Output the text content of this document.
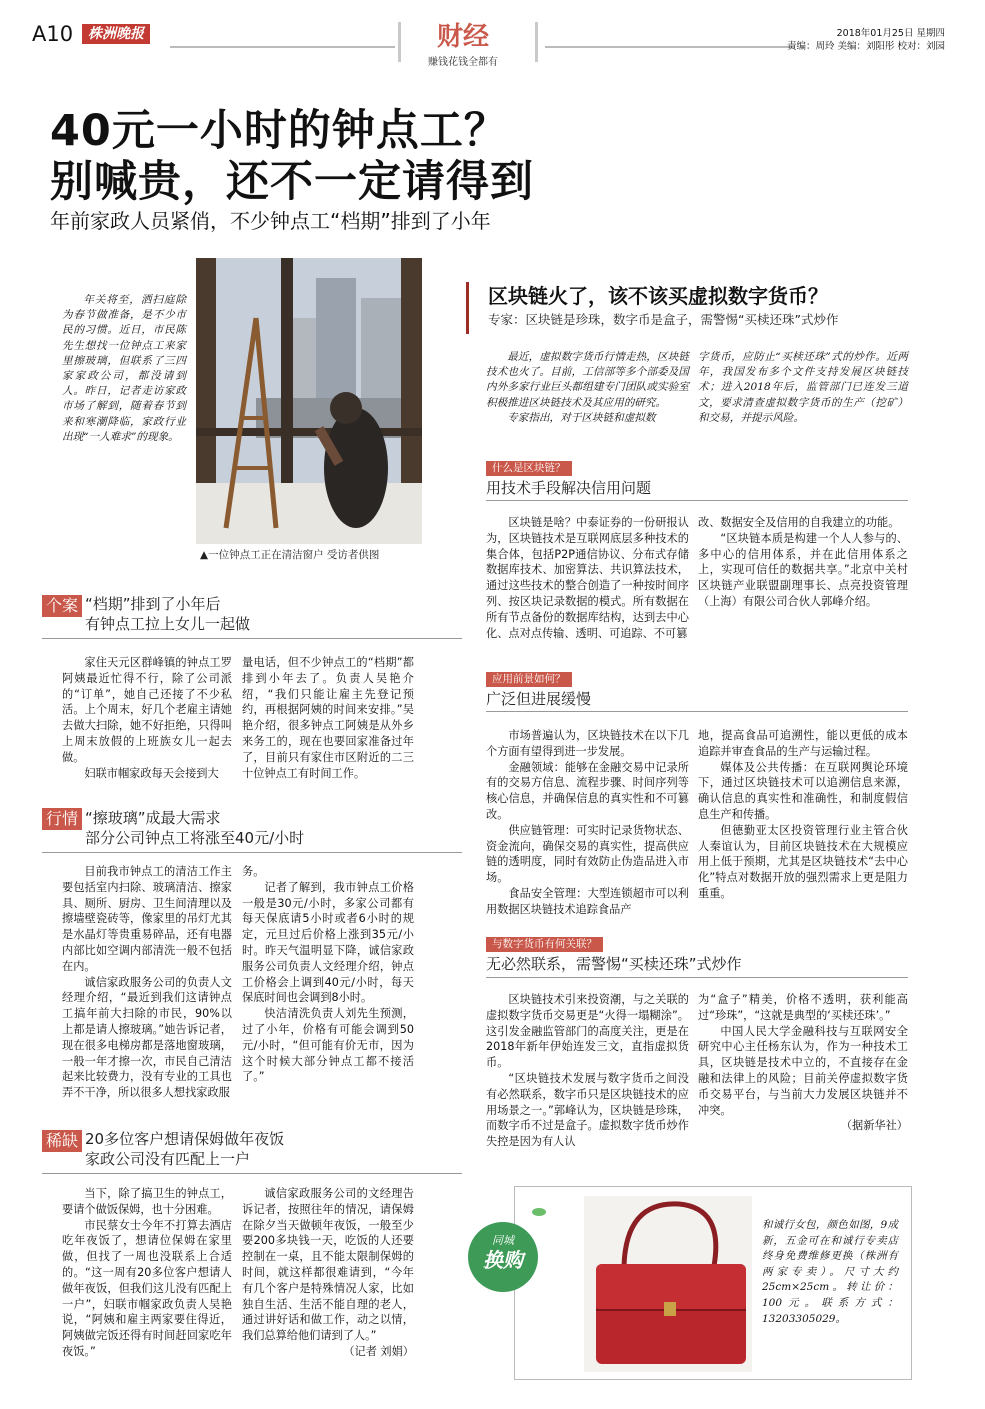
A10	株洲晚报	财经
赚钱花钱全都有
2018年01月25日 星期四
责编：周玲 美编：刘阳彤 校对：刘园
40元一小时的钟点工？
别喊贵，还不一定请得到
年前家政人员紧俏，不少钟点工“档期”排到了小年
年关将至，洒扫庭除为春节做准备，是不少市民的习惯。近日，市民陈先生想找一位钟点工来家里擦玻璃，但联系了三四家家政公司，都没请到人。昨日，记者走访家政市场了解到，随着春节到来和寒潮降临，家政行业出现“一人难求”的现象。
▲一位钟点工正在清洁窗户 受访者供图
个案 “档期”排到了小年后
有钟点工拉上女儿一起做

家住天元区群峰镇的钟点工罗阿姨最近忙得不行，除了公司派的“订单”，她自己还接了不少私活。上个周末，好几个老雇主请她去做大扫除，她不好拒绝，只得叫上周末放假的上班族女儿一起去做。

妇联市帼家政每天会接到大

量电话，但不少钟点工的“档期”都排到小年去了。负责人吴艳介绍，“我们只能让雇主先登记预约，再根据阿姨的时间来安排。”吴艳介绍，很多钟点工阿姨是从外乡来务工的，现在也要回家准备过年了，目前只有家住市区附近的二三十位钟点工有时间工作。

行情 “擦玻璃”成最大需求
部分公司钟点工将涨至40元/小时

目前我市钟点工的清洁工作主要包括室内扫除、玻璃清洁、擦家具、厕所、厨房、卫生间清理以及擦墙壁瓷砖等，像家里的吊灯尤其是水晶灯等贵重易碎品，还有电器内部比如空调内部清洗一般不包括在内。

诚信家政服务公司的负责人文经理介绍，“最近到我们这请钟点工搞年前大扫除的市民，90%以上都是请人擦玻璃。”她告诉记者，现在很多电梯房都是落地窗玻璃，一般一年才擦一次，市民自己清洁起来比较费力，没有专业的工具也弄不干净，所以很多人想找家政服

务。

记者了解到，我市钟点工价格一般是30元/小时，多家公司都有每天保底请5小时或者6小时的规定，元旦过后价格上涨到35元/小时。昨天气温明显下降，诚信家政服务公司负责人文经理介绍，钟点工价格会上调到40元/小时，每天保底时间也会调到8小时。

快洁清洗负责人刘先生预测，过了小年，价格有可能会调到50元/小时，“但可能有价无市，因为这个时候大部分钟点工都不接活了。”

稀缺 20多位客户想请保姆做年夜饭
家政公司没有匹配上一户

当下，除了搞卫生的钟点工，要请个做饭保姆，也十分困难。

市民蔡女士今年不打算去酒店吃年夜饭了，想请位保姆在家里做，但找了一周也没联系上合适的。“这一周有20多位客户想请人做年夜饭，但我们这儿没有匹配上一户”，妇联市帼家政负责人吴艳说，“阿姨和雇主两家要住得近，阿姨做完饭还得有时间赶回家吃年夜饭。”

诚信家政服务公司的文经理告诉记者，按照往年的情况，请保姆在除夕当天做顿年夜饭，一般至少要200多块钱一天，吃饭的人还要控制在一桌，且不能太限制保姆的时间，就这样都很难请到，“今年有几个客户是特殊情况人家，比如独自生活、生活不能自理的老人，通过讲好话和做工作，动之以情，我们总算给他们请到了人。”

（记者 刘娟）

区块链火了，该不该买虚拟数字货币？
专家：区块链是珍珠，数字币是盒子，需警惕“买椟还珠”式炒作

最近，虚拟数字货币行情走热，区块链技术也火了。目前，工信部等多个部委及国内外多家行业巨头都组建专门团队或实验室积极推进区块链技术及其应用的研究。

专家指出，对于区块链和虚拟数

字货币，应防止“买椟还珠”式的炒作。近两年，我国发布多个文件支持发展区块链技术；进入2018年后，监管部门已连发三道文，要求清查虚拟数字货币的生产（挖矿）和交易，并提示风险。

什么是区块链？
用技术手段解决信用问题

区块链是啥？中泰证券的一份研报认为，区块链技术是互联网底层多种技术的集合体，包括P2P通信协议、分布式存储数据库技术、加密算法、共识算法技术，通过这些技术的整合创造了一种按时间序列、按区块记录数据的模式。所有数据在所有节点备份的数据库结构，达到去中心化、点对点传输、透明、可追踪、不可篡

改、数据安全及信用的自我建立的功能。

“区块链本质是构建一个人人参与的、多中心的信用体系，并在此信用体系之上，实现可信任的数据共享。”北京中关村区块链产业联盟副理事长、点亮投资管理（上海）有限公司合伙人郭峰介绍。

应用前景如何？
广泛但进展缓慢

市场普遍认为，区块链技术在以下几个方面有望得到进一步发展。

金融领域：能够在金融交易中记录所有的交易方信息、流程步骤、时间序列等核心信息，并确保信息的真实性和不可篡改。

供应链管理：可实时记录货物状态、资金流向，确保交易的真实性，提高供应链的透明度，同时有效防止伪造品进入市场。

食品安全管理：大型连锁超市可以利用数据区块链技术追踪食品产

地，提高食品可追溯性，能以更低的成本追踪并审查食品的生产与运输过程。

媒体及公共传播：在互联网舆论环境下，通过区块链技术可以追溯信息来源，确认信息的真实性和准确性，和制度假信息生产和传播。

但德勤亚太区投资管理行业主管合伙人秦谊认为，目前区块链技术在大规模应用上低于预期，尤其是区块链技术“去中心化”特点对数据开放的强烈需求上更是阻力重重。

与数字货币有何关联？
无必然联系，需警惕“买椟还珠”式炒作

区块链技术引来投资潮，与之关联的虚拟数字货币交易更是“火得一塌糊涂”。这引发金融监管部门的高度关注，更是在2018年新年伊始连发三文，直指虚拟货币。

“区块链技术发展与数字货币之间没有必然联系，数字币只是区块链技术的应用场景之一。”郭峰认为，区块链是珍珠，而数字币不过是盒子。虚拟数字货币炒作失控是因为有人认

为“盒子”精美，价格不透明，获利能高过“珍珠”，“这就是典型的‘买椟还珠’。”

中国人民大学金融科技与互联网安全研究中心主任杨东认为，作为一种技术工具，区块链是技术中立的，不直接存在金融和法律上的风险；目前关停虚拟数字货币交易平台，与当前大力发展区块链并不冲突。

（据新华社）

同城
换购
和诚行女包，颜色如图，9成新，五金可在和诚行专卖店终身免费维修更换（株洲有两家专卖）。尺寸大约25cm×25cm。转让价：100元。联系方式：13203305029。
